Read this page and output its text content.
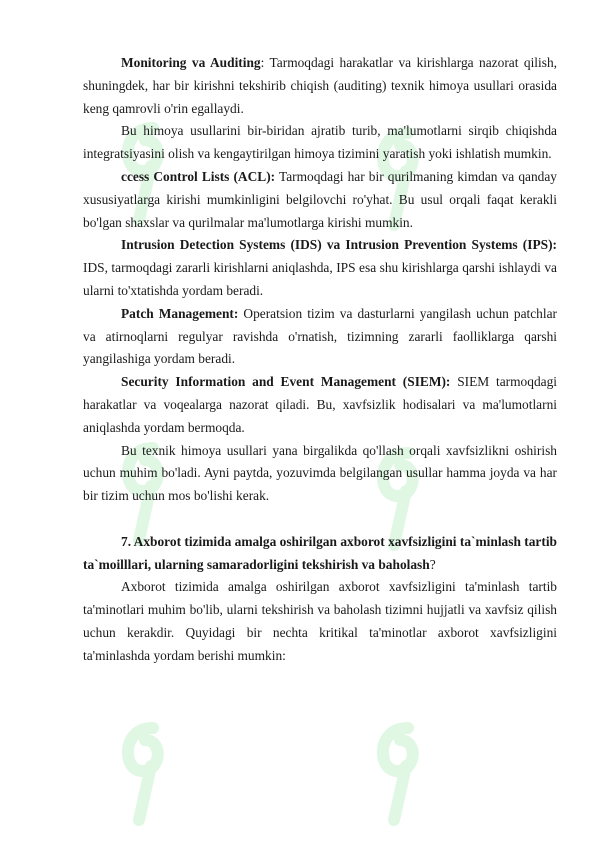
Monitoring va Auditing: Tarmoqdagi harakatlar va kirishlarga nazorat qilish, shuningdek, har bir kirishni tekshirib chiqish (auditing) texnik himoya usullari orasida keng qamrovli o'rin egallaydi.

Bu himoya usullarini bir-biridan ajratib turib, ma'lumotlarni sirqib chiqishda integratsiyasini olish va kengaytirilgan himoya tizimini yaratish yoki ishlatish mumkin.

ccess Control Lists (ACL): Tarmoqdagi har bir qurilmaning kimdan va qanday xususiyatlarga kirishi mumkinligini belgilovchi ro'yhat. Bu usul orqali faqat kerakli bo'lgan shaxslar va qurilmalar ma'lumotlarga kirishi mumkin.

Intrusion Detection Systems (IDS) va Intrusion Prevention Systems (IPS): IDS, tarmoqdagi zararli kirishlarni aniqlashda, IPS esa shu kirishlarga qarshi ishlaydi va ularni to'xtatishda yordam beradi.

Patch Management: Operatsion tizim va dasturlarni yangilash uchun patchlar va atirnoqlarni regulyar ravishda o'rnatish, tizimning zararli faolliklarga qarshi yangilashiga yordam beradi.

Security Information and Event Management (SIEM): SIEM tarmoqdagi harakatlar va voqealarga nazorat qiladi. Bu, xavfsizlik hodisalari va ma'lumotlarni aniqlashda yordam bermoqda.

Bu texnik himoya usullari yana birgalikda qo'llash orqali xavfsizlikni oshirish uchun muhim bo'ladi. Ayni paytda, yozuvimda belgilangan usullar hamma joyda va har bir tizim uchun mos bo'lishi kerak.

7. Axborot tizimida amalga oshirilgan axborot xavfsizligini ta`minlash tartib ta`moilllari, ularning samaradorligini tekshirish va baholash?

Axborot tizimida amalga oshirilgan axborot xavfsizligini ta'minlash tartib ta'minotlari muhim bo'lib, ularni tekshirish va baholash tizimni hujjatli va xavfsiz qilish uchun kerakdir. Quyidagi bir nechta kritikal ta'minotlar axborot xavfsizligini ta'minlashda yordam berishi mumkin:
